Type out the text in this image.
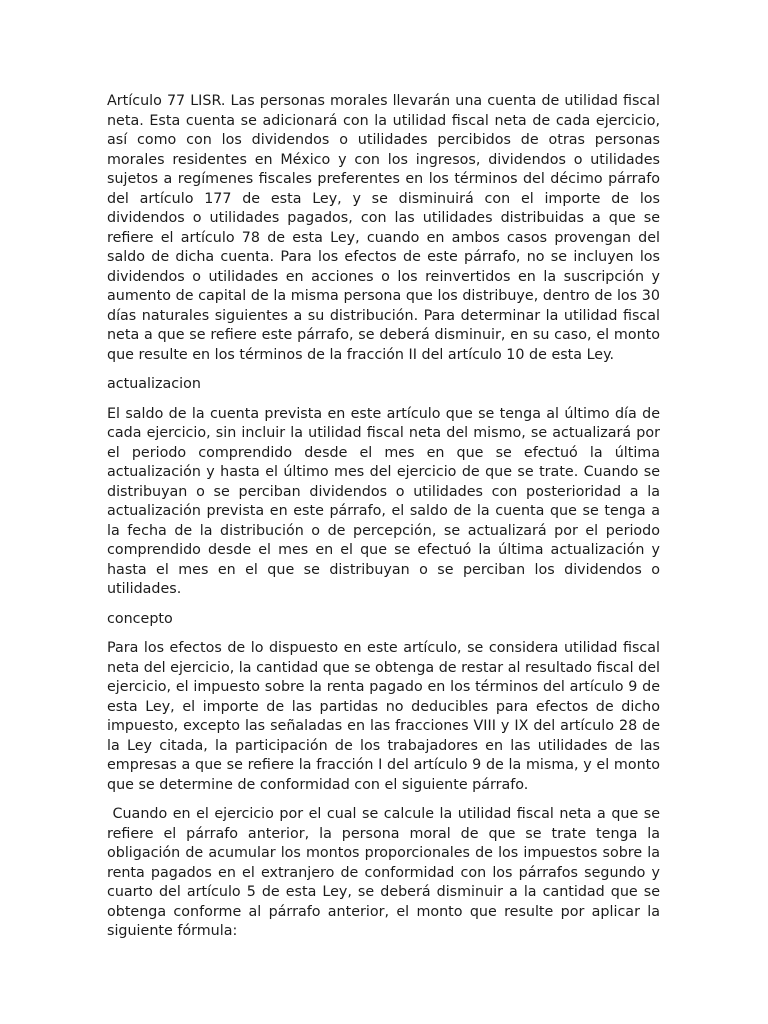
Artículo 77 LISR. Las personas morales llevarán una cuenta de utilidad fiscal neta. Esta cuenta se adicionará con la utilidad fiscal neta de cada ejercicio, así como con los dividendos o utilidades percibidos de otras personas morales residentes en México y con los ingresos, dividendos o utilidades sujetos a regímenes fiscales preferentes en los términos del décimo párrafo del artículo 177 de esta Ley, y se disminuirá con el importe de los dividendos o utilidades pagados, con las utilidades distribuidas a que se refiere el artículo 78 de esta Ley, cuando en ambos casos provengan del saldo de dicha cuenta. Para los efectos de este párrafo, no se incluyen los dividendos o utilidades en acciones o los reinvertidos en la suscripción y aumento de capital de la misma persona que los distribuye, dentro de los 30 días naturales siguientes a su distribución. Para determinar la utilidad fiscal neta a que se refiere este párrafo, se deberá disminuir, en su caso, el monto que resulte en los términos de la fracción II del artículo 10 de esta Ley.

actualizacion

El saldo de la cuenta prevista en este artículo que se tenga al último día de cada ejercicio, sin incluir la utilidad fiscal neta del mismo, se actualizará por el periodo comprendido desde el mes en que se efectuó la última actualización y hasta el último mes del ejercicio de que se trate. Cuando se distribuyan o se perciban dividendos o utilidades con posterioridad a la actualización prevista en este párrafo, el saldo de la cuenta que se tenga a la fecha de la distribución o de percepción, se actualizará por el periodo comprendido desde el mes en el que se efectuó la última actualización y hasta el mes en el que se distribuyan o se perciban los dividendos o utilidades.

concepto

Para los efectos de lo dispuesto en este artículo, se considera utilidad fiscal neta del ejercicio, la cantidad que se obtenga de restar al resultado fiscal del ejercicio, el impuesto sobre la renta pagado en los términos del artículo 9 de esta Ley, el importe de las partidas no deducibles para efectos de dicho impuesto, excepto las señaladas en las fracciones VIII y IX del artículo 28 de la Ley citada, la participación de los trabajadores en las utilidades de las empresas a que se refiere la fracción I del artículo 9 de la misma, y el monto que se determine de conformidad con el siguiente párrafo.

Cuando en el ejercicio por el cual se calcule la utilidad fiscal neta a que se refiere el párrafo anterior, la persona moral de que se trate tenga la obligación de acumular los montos proporcionales de los impuestos sobre la renta pagados en el extranjero de conformidad con los párrafos segundo y cuarto del artículo 5 de esta Ley, se deberá disminuir a la cantidad que se obtenga conforme al párrafo anterior, el monto que resulte por aplicar la siguiente fórmula:
